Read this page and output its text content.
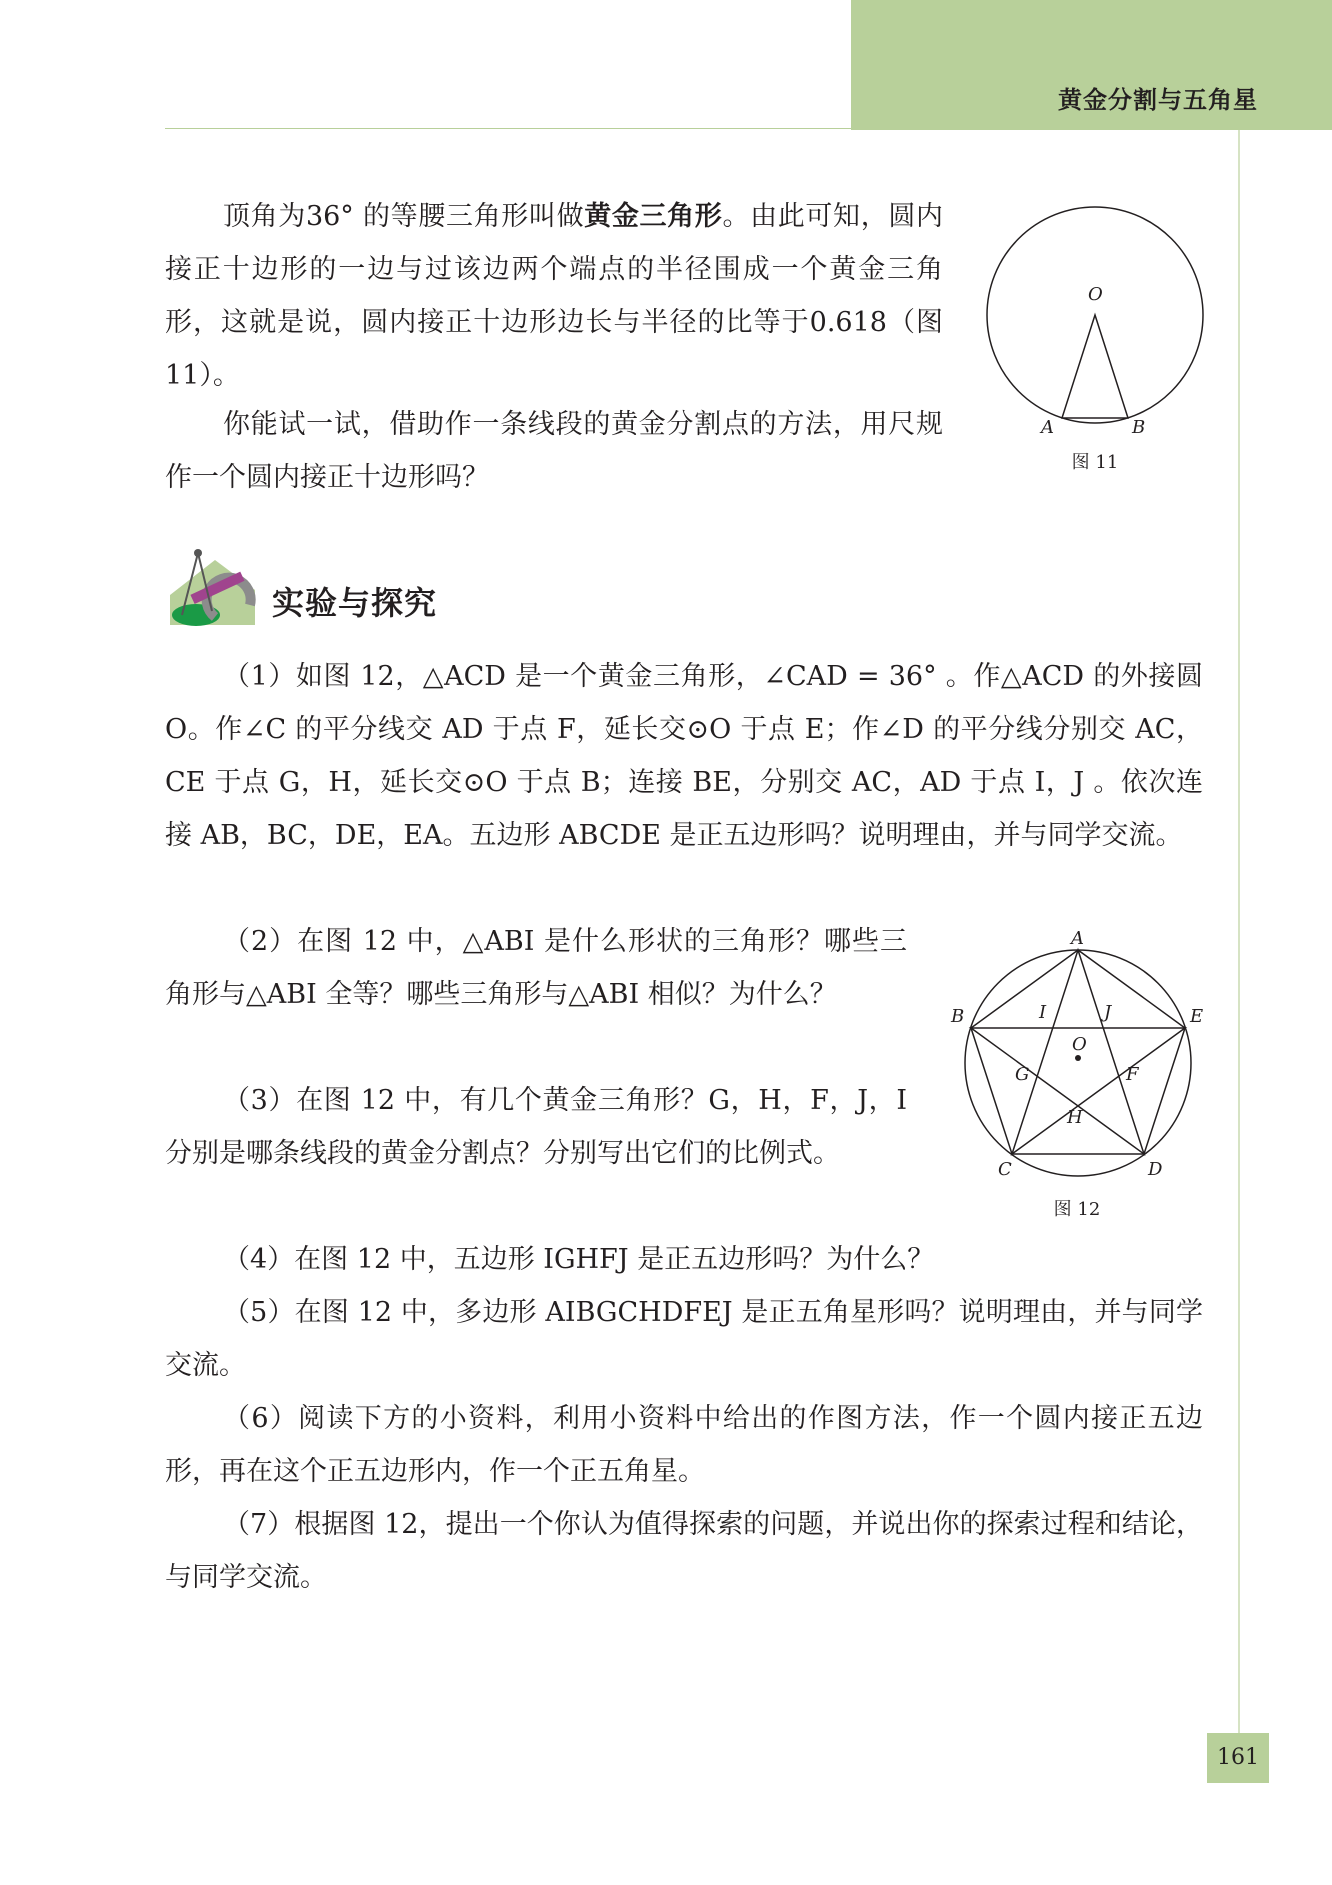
黄金分割与五角星

顶角为36° 的等腰三角形叫做黄金三角形。由此可知，圆内接正十边形的一边与过该边两个端点的半径围成一个黄金三角形，这就是说，圆内接正十边形边长与半径的比等于0.618（图11）。

你能试一试，借助作一条线段的黄金分割点的方法，用尺规作一个圆内接正十边形吗？

O
A	B
图 11
实验与探究

（1）如图 12，△ACD 是一个黄金三角形，∠CAD = 36° 。作△ACD 的外接圆 O。作∠C 的平分线交 AD 于点 F，延长交⊙O 于点 E；作∠D 的平分线分别交 AC，CE 于点 G，H，延长交⊙O 于点 B；连接 BE，分别交 AC，AD 于点 I，J 。依次连接 AB，BC，DE，EA。五边形 ABCDE 是正五边形吗？说明理由，并与同学交流。

（2）在图 12 中，△ABI 是什么形状的三角形？哪些三角形与△ABI 全等？哪些三角形与△ABI 相似？为什么？

（3）在图 12 中，有几个黄金三角形？G，H，F，J，I 分别是哪条线段的黄金分割点？分别写出它们的比例式。

（4）在图 12 中，五边形 IGHFJ 是正五边形吗？为什么？

（5）在图 12 中，多边形 AIBGCHDFEJ 是正五角星形吗？说明理由，并与同学交流。

（6）阅读下方的小资料，利用小资料中给出的作图方法，作一个圆内接正五边形，再在这个正五边形内，作一个正五角星。

（7）根据图 12，提出一个你认为值得探索的问题，并说出你的探索过程和结论，与同学交流。

A
B	E
C	D
I	J
O
G	F
H
图 12
161
